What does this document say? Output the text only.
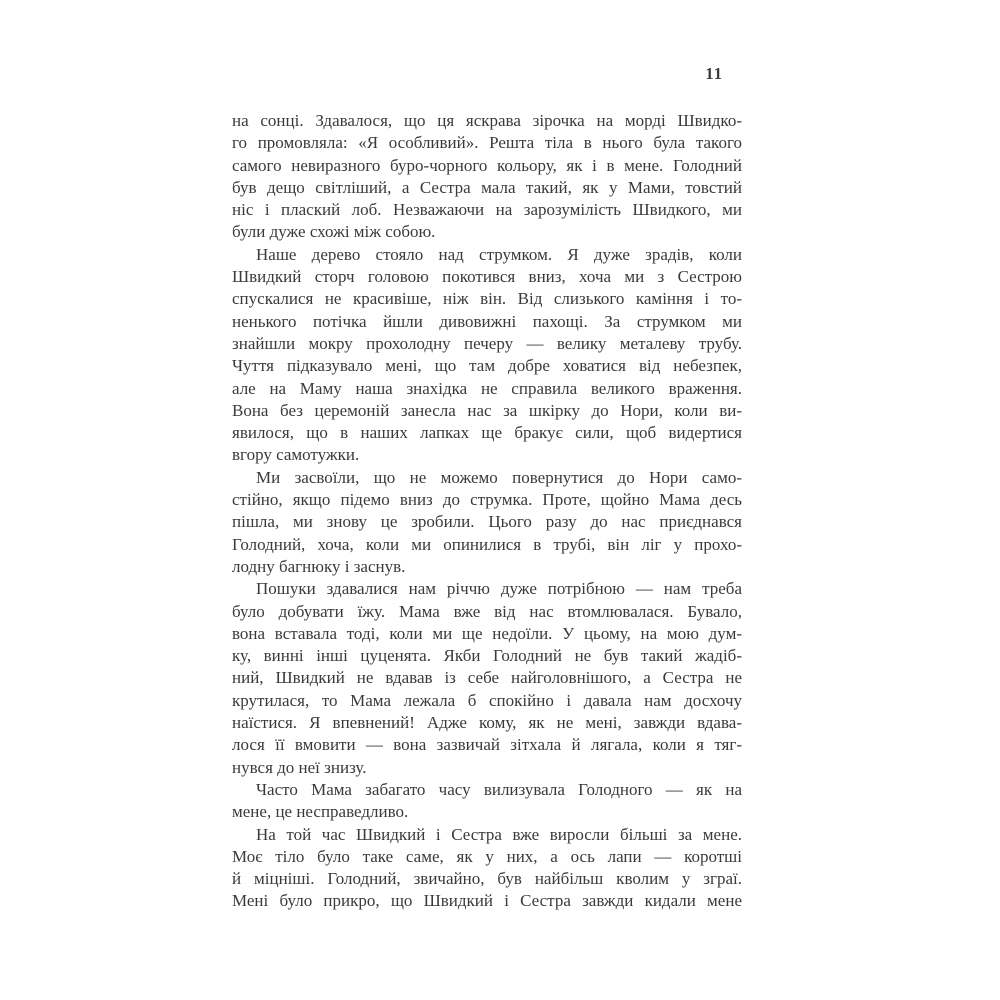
11
на сонці. Здавалося, що ця яскрава зірочка на морді Швидко-
го промовляла: «Я особливий». Решта тіла в нього була такого
самого невиразного буро-чорного кольору, як і в мене. Голодний
був дещо світліший, а Сестра мала такий, як у Мами, товстий
ніс і плаский лоб. Незважаючи на зарозумілість Швидкого, ми
були дуже схожі між собою.
Наше дерево стояло над струмком. Я дуже зрадів, коли
Швидкий сторч головою покотився вниз, хоча ми з Сестрою
спускалися не красивіше, ніж він. Від слизького каміння і то-
ненького потічка йшли дивовижні пахощі. За струмком ми
знайшли мокру прохолодну печеру — велику металеву трубу.
Чуття підказувало мені, що там добре ховатися від небезпек,
але на Маму наша знахідка не справила великого враження.
Вона без церемоній занесла нас за шкірку до Нори, коли ви-
явилося, що в наших лапках ще бракує сили, щоб видертися
вгору самотужки.
Ми засвоїли, що не можемо повернутися до Нори само-
стійно, якщо підемо вниз до струмка. Проте, щойно Мама десь
пішла, ми знову це зробили. Цього разу до нас приєднався
Голодний, хоча, коли ми опинилися в трубі, він ліг у прохо-
лодну багнюку і заснув.
Пошуки здавалися нам річчю дуже потрібною — нам треба
було добувати їжу. Мама вже від нас втомлювалася. Бувало,
вона вставала тоді, коли ми ще недоїли. У цьому, на мою дум-
ку, винні інші цуценята. Якби Голодний не був такий жадіб-
ний, Швидкий не вдавав із себе найголовнішого, а Сестра не
крутилася, то Мама лежала б спокійно і давала нам досхочу
наїстися. Я впевнений! Адже кому, як не мені, завжди вдава-
лося її вмовити — вона зазвичай зітхала й лягала, коли я тяг-
нувся до неї знизу.
Часто Мама забагато часу вилизувала Голодного — як на
мене, це несправедливо.
На той час Швидкий і Сестра вже виросли більші за мене.
Моє тіло було таке саме, як у них, а ось лапи — коротші
й міцніші. Голодний, звичайно, був найбільш кволим у зграї.
Мені було прикро, що Швидкий і Сестра завжди кидали мене
